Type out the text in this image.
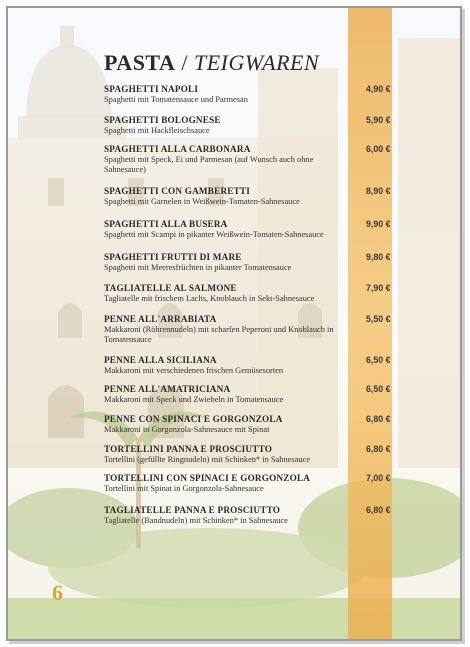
PASTA / TEIGWAREN
SPAGHETTI NAPOLI
Spaghetti mit Tomatensauce und Parmesan
4,90 €
SPAGHETTI BOLOGNESE
Spaghetti mit Hackfleischsauce
5,90 €
SPAGHETTI ALLA CARBONARA
Spaghetti mit Speck, Ei und Parmesan (auf Wunsch auch ohne Sahnesauce)
6,00 €
SPAGHETTI CON GAMBERETTI
Spaghetti mit Garnelen in Weißwein-Tomaten-Sahnesauce
8,90 €
SPAGHETTI ALLA BUSERA
Spaghetti mit Scampi in pikanter Weißwein-Tomaten-Sahnesauce
9,90 €
SPAGHETTI FRUTTI DI MARE
Spaghetti mit Meeresfrüchten in pikanter Tomatensauce
9,80 €
TAGLIATELLE AL SALMONE
Tagliatelle mit frischem Lachs, Knoblauch in Sekt-Sahnesauce
7,90 €
PENNE ALL'ARRABIATA
Makkaroni (Röhrennudeln) mit scharfen Peperoni und Knoblauch in Tomatensauce
5,50 €
PENNE ALLA SICILIANA
Makkaroni mit verschiedenen frischen Gemüsesorten
6,50 €
PENNE ALL'AMATRICIANA
Makkaroni mit Speck und Zwiebeln in Tomatensauce
6,50 €
PENNE CON SPINACI E GORGONZOLA
Makkaroni in Gorgonzola-Sahnesauce mit Spinat
6,80 €
TORTELLINI PANNA E PROSCIUTTO
Tortellini (gefüllte Ringnudeln) mit Schinken* in Sahnesauce
6,80 €
TORTELLINI CON SPINACI E GORGONZOLA
Tortellini mit Spinat in Gorgonzola-Sahnesauce
7,00 €
TAGLIATELLE PANNA E PROSCIUTTO
Tagliatelle (Bandnudeln) mit Schinken* in Sahnesauce
6,80 €
6
